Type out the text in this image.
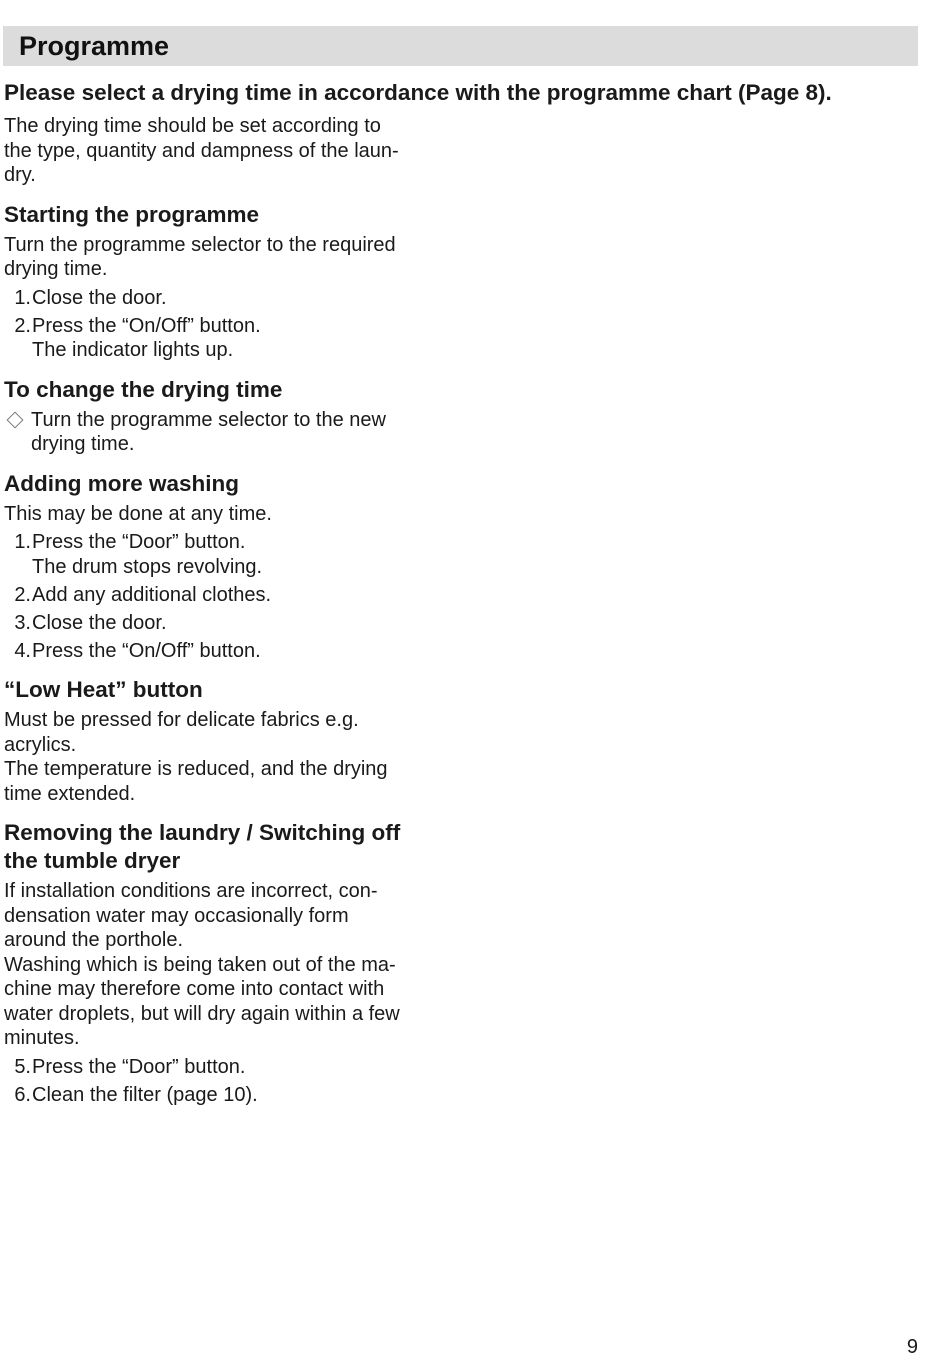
Programme

Please select a drying time in accordance with the programme chart (Page 8).

The drying time should be set according to

the type, quantity and dampness of the laun-

dry.

Starting the programme

Turn the programme selector to the required

drying time.

1. Close the door.
2. Press the “On/Off” button.
The indicator lights up.
To change the drying time
Turn the programme selector to the new
drying time.
Adding more washing

This may be done at any time.

1. Press the “Door” button.
The drum stops revolving.
2. Add any additional clothes.
3. Close the door.
4. Press the “On/Off” button.
“Low Heat” button

Must be pressed for delicate fabrics e.g.

acrylics.

The temperature is reduced, and the drying

time extended.

Removing the laundry / Switching off
the tumble dryer

If installation conditions are incorrect, con-

densation water may occasionally form

around the porthole.

Washing which is being taken out of the ma-

chine may therefore come into contact with

water droplets, but will dry again within a few

minutes.

5. Press the “Door” button.
6. Clean the filter (page 10).
9
